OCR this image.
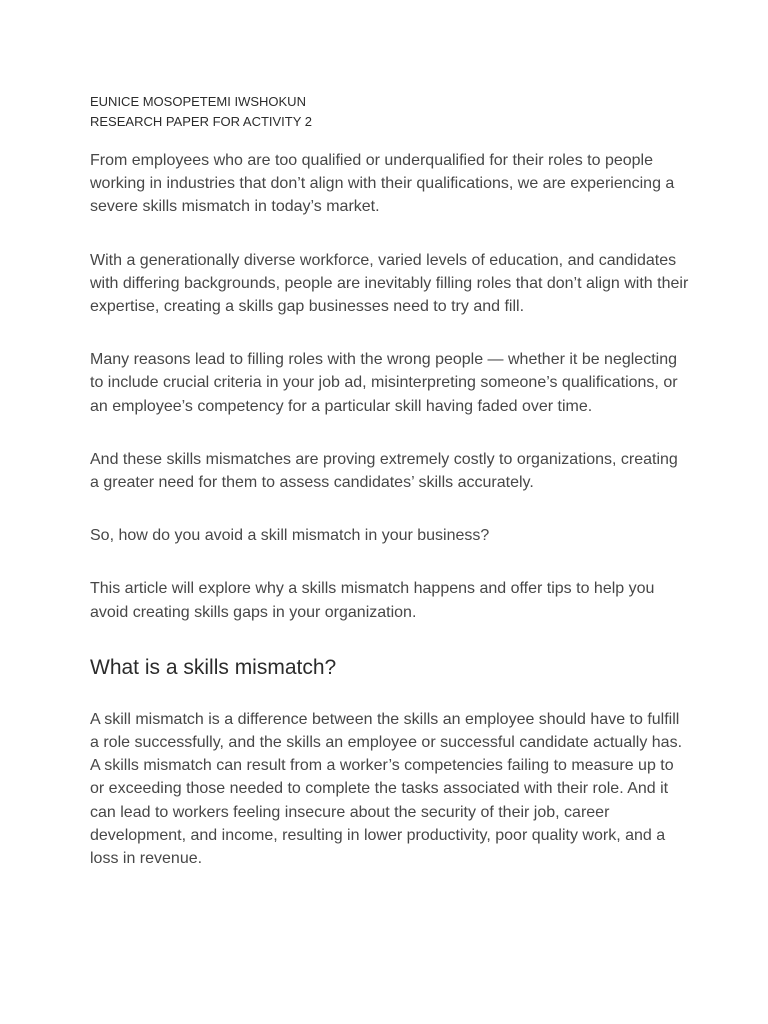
EUNICE MOSOPETEMI IWSHOKUN

RESEARCH PAPER FOR ACTIVITY 2

From employees who are too qualified or underqualified for their roles to people working in industries that don’t align with their qualifications, we are experiencing a severe skills mismatch in today’s market.

With a generationally diverse workforce, varied levels of education, and candidates with differing backgrounds, people are inevitably filling roles that don’t align with their expertise, creating a skills gap businesses need to try and fill.

Many reasons lead to filling roles with the wrong people — whether it be neglecting to include crucial criteria in your job ad, misinterpreting someone’s qualifications, or an employee’s competency for a particular skill having faded over time.

And these skills mismatches are proving extremely costly to organizations, creating a greater need for them to assess candidates’ skills accurately.

So, how do you avoid a skill mismatch in your business?

This article will explore why a skills mismatch happens and offer tips to help you avoid creating skills gaps in your organization.

What is a skills mismatch?

A skill mismatch is a difference between the skills an employee should have to fulfill a role successfully, and the skills an employee or successful candidate actually has. A skills mismatch can result from a worker’s competencies failing to measure up to or exceeding those needed to complete the tasks associated with their role. And it can lead to workers feeling insecure about the security of their job, career development, and income, resulting in lower productivity, poor quality work, and a loss in revenue.
